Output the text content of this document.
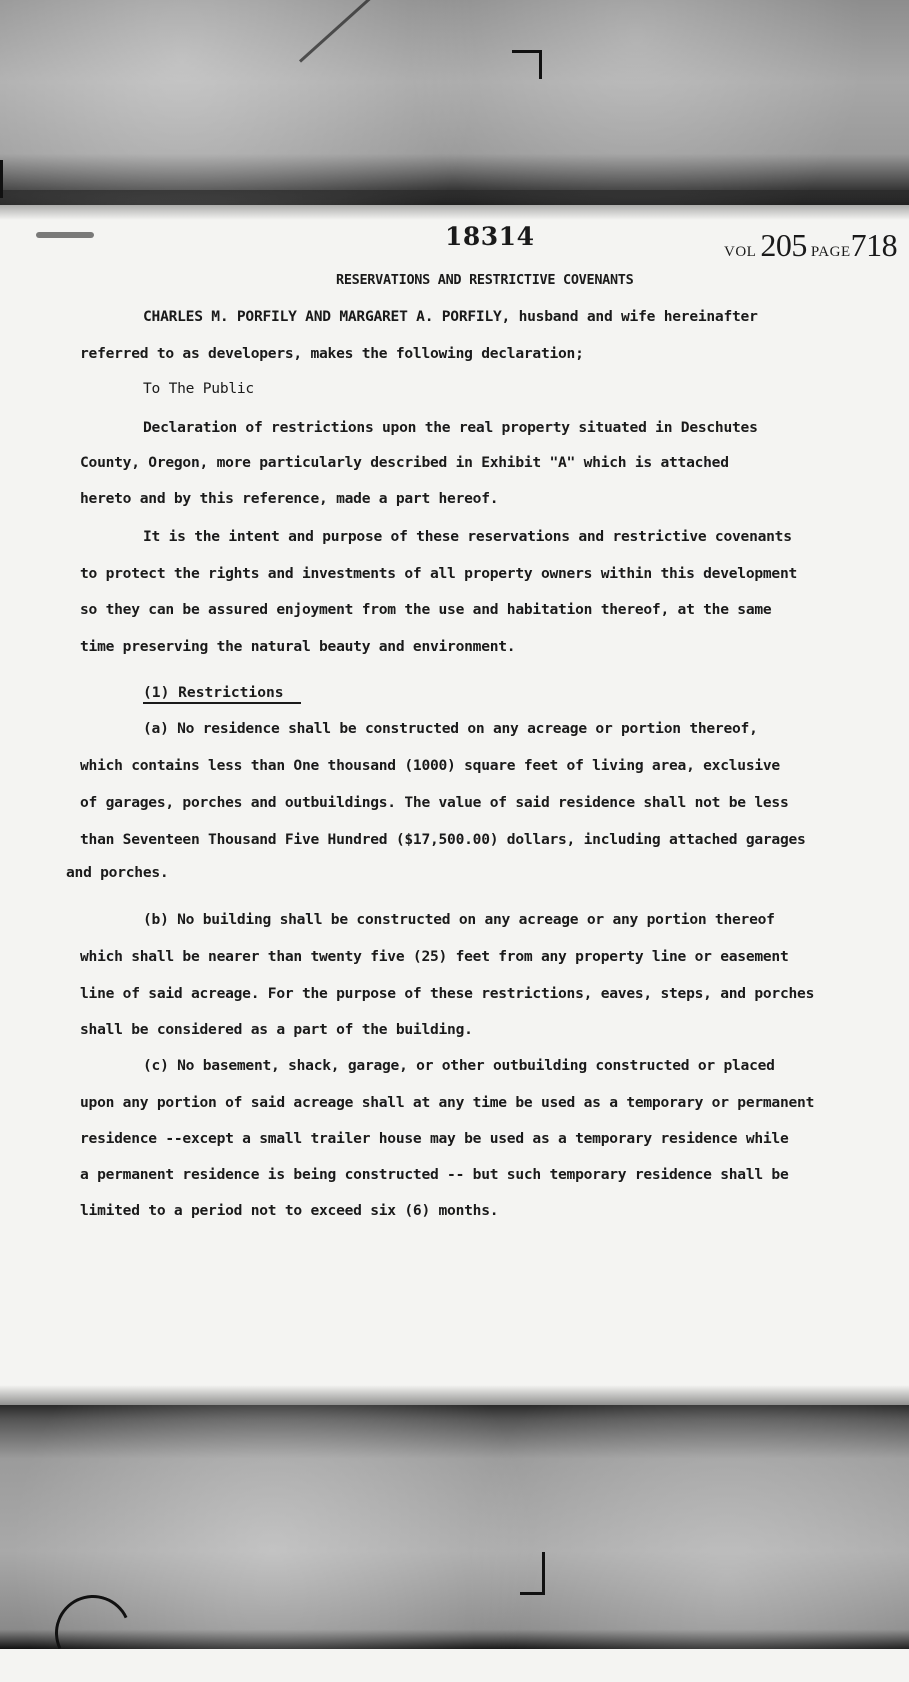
18314
VOL 205 PAGE718
RESERVATIONS AND RESTRICTIVE COVENANTS
CHARLES M. PORFILY AND MARGARET A. PORFILY, husband and wife hereinafter
referred to as developers, makes the following declaration;
To The Public
Declaration of restrictions upon the real property situated in Deschutes
County, Oregon, more particularly described in Exhibit "A" which is attached
hereto and by this reference, made a part hereof.
It is the intent and purpose of these reservations and restrictive covenants
to protect the rights and investments of all property owners within this development
so they can be assured enjoyment from the use and habitation thereof, at the same
time preserving the natural beauty and environment.
(1) Restrictions
(a) No residence shall be constructed on any acreage or portion thereof,
which contains less than One thousand (1000) square feet of living area, exclusive
of garages, porches and outbuildings. The value of said residence shall not be less
than Seventeen Thousand Five Hundred ($17,500.00) dollars, including attached garages
and porches.
(b) No building shall be constructed on any acreage or any portion thereof
which shall be nearer than twenty five (25) feet from any property line or easement
line of said acreage. For the purpose of these restrictions, eaves, steps, and porches
shall be considered as a part of the building.
(c) No basement, shack, garage, or other outbuilding constructed or placed
upon any portion of said acreage shall at any time be used as a temporary or permanent
residence --except a small trailer house may be used as a temporary residence while
a permanent residence is being constructed -- but such temporary residence shall be
limited to a period not to exceed six (6) months.
